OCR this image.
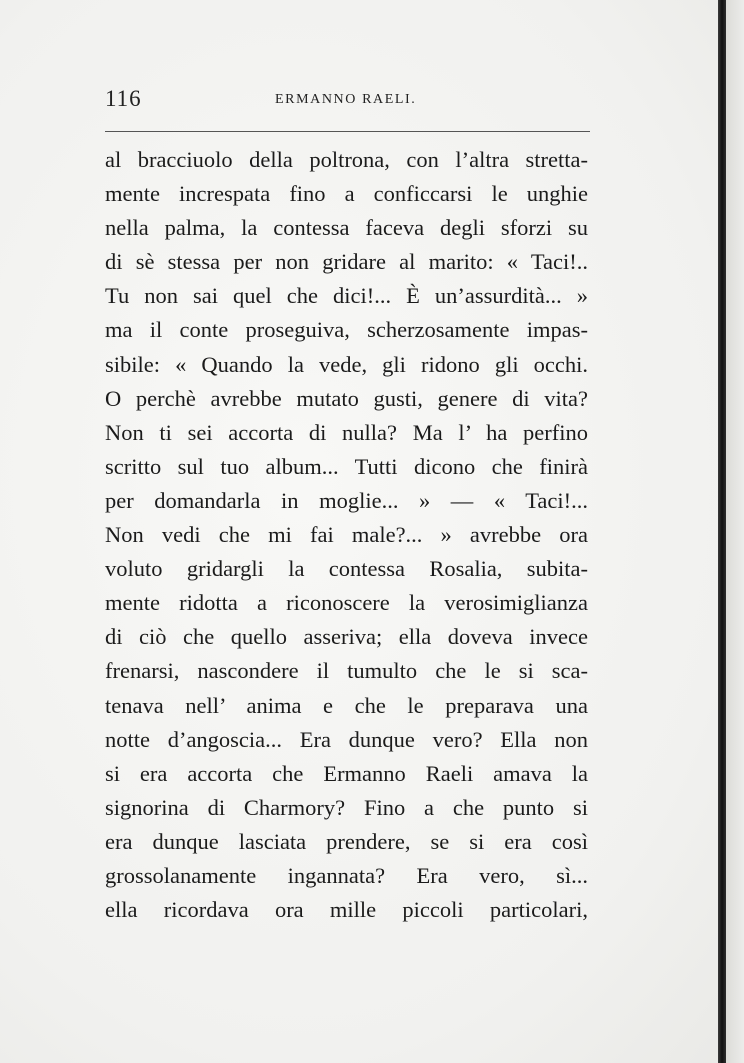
116	ERMANNO RAELI.
al bracciuolo della poltrona, con l’altra stretta-
mente increspata fino a conficcarsi le unghie
nella palma, la contessa faceva degli sforzi su
di sè stessa per non gridare al marito: « Taci!..
Tu non sai quel che dici!... È un’assurdità... »
ma il conte proseguiva, scherzosamente impas-
sibile: « Quando la vede, gli ridono gli occhi.
O perchè avrebbe mutato gusti, genere di vita?
Non ti sei accorta di nulla? Ma l’ ha perfino
scritto sul tuo album... Tutti dicono che finirà
per domandarla in moglie... » — « Taci!...
Non vedi che mi fai male?... » avrebbe ora
voluto gridargli la contessa Rosalia, subita-
mente ridotta a riconoscere la verosimiglianza
di ciò che quello asseriva; ella doveva invece
frenarsi, nascondere il tumulto che le si sca-
tenava nell’ anima e che le preparava una
notte d’angoscia... Era dunque vero? Ella non
si era accorta che Ermanno Raeli amava la
signorina di Charmory? Fino a che punto si
era dunque lasciata prendere, se si era così
grossolanamente ingannata? Era vero, sì...
ella ricordava ora mille piccoli particolari,
